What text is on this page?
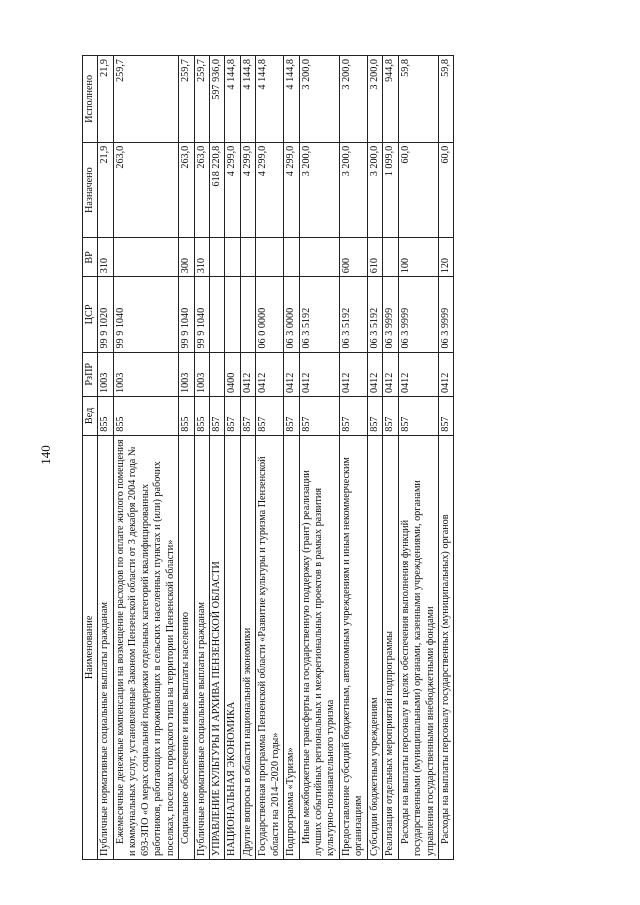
140
Наименование	Вед	РзПР	ЦСР	ВР	Назначено	Исполнено
Публичные нормативные социальные выплаты гражданам	855	1003	99 9 1020	310	21,9	21,9
Ежемесячные денежные компенсации на возмещение расходов по оплате жилого помещения и коммунальных услуг, установленные Законом Пензенской области от 3 декабря 2004 года № 693-ЗПО «О мерах социальной поддержки отдельных категорий квалифицированных работников, работающих и проживающих в сельских населенных пунктах и (или) рабочих поселках, поселках городского типа на территории Пензенской области»	855	1003	99 9 1040		263,0	259,7
Социальное обеспечение и иные выплаты населению	855	1003	99 9 1040	300	263,0	259,7
Публичные нормативные социальные выплаты гражданам	855	1003	99 9 1040	310	263,0	259,7
УПРАВЛЕНИЕ КУЛЬТУРЫ И АРХИВА ПЕНЗЕНСКОЙ ОБЛАСТИ	857				618 220,8	597 936,0
НАЦИОНАЛЬНАЯ ЭКОНОМИКА	857	0400			4 299,0	4 144,8
Другие вопросы в области национальной экономики	857	0412			4 299,0	4 144,8
Государственная программа Пензенской области «Развитие культуры и туризма Пензенской области на 2014–2020 годы»	857	0412	06 0 0000		4 299,0	4 144,8
Подпрограмма «Туризм»	857	0412	06 3 0000		4 299,0	4 144,8
Иные межбюджетные трансферты на государственную поддержку (грант) реализации лучших событийных региональных и межрегиональных проектов в рамках развития культурно-познавательного туризма	857	0412	06 3 5192		3 200,0	3 200,0
Предоставление субсидий бюджетным, автономным учреждениям и иным некоммерческим организациям	857	0412	06 3 5192	600	3 200,0	3 200,0
Субсидии бюджетным учреждениям	857	0412	06 3 5192	610	3 200,0	3 200,0
Реализация отдельных мероприятий подпрограммы	857	0412	06 3 9999		1 099,0	944,8
Расходы на выплаты персоналу в целях обеспечения выполнения функций государственными (муниципальными) органами, казенными учреждениями, органами управления государственными внебюджетными фондами	857	0412	06 3 9999	100	60,0	59,8
Расходы на выплаты персоналу государственных (муниципальных) органов	857	0412	06 3 9999	120	60,0	59,8
